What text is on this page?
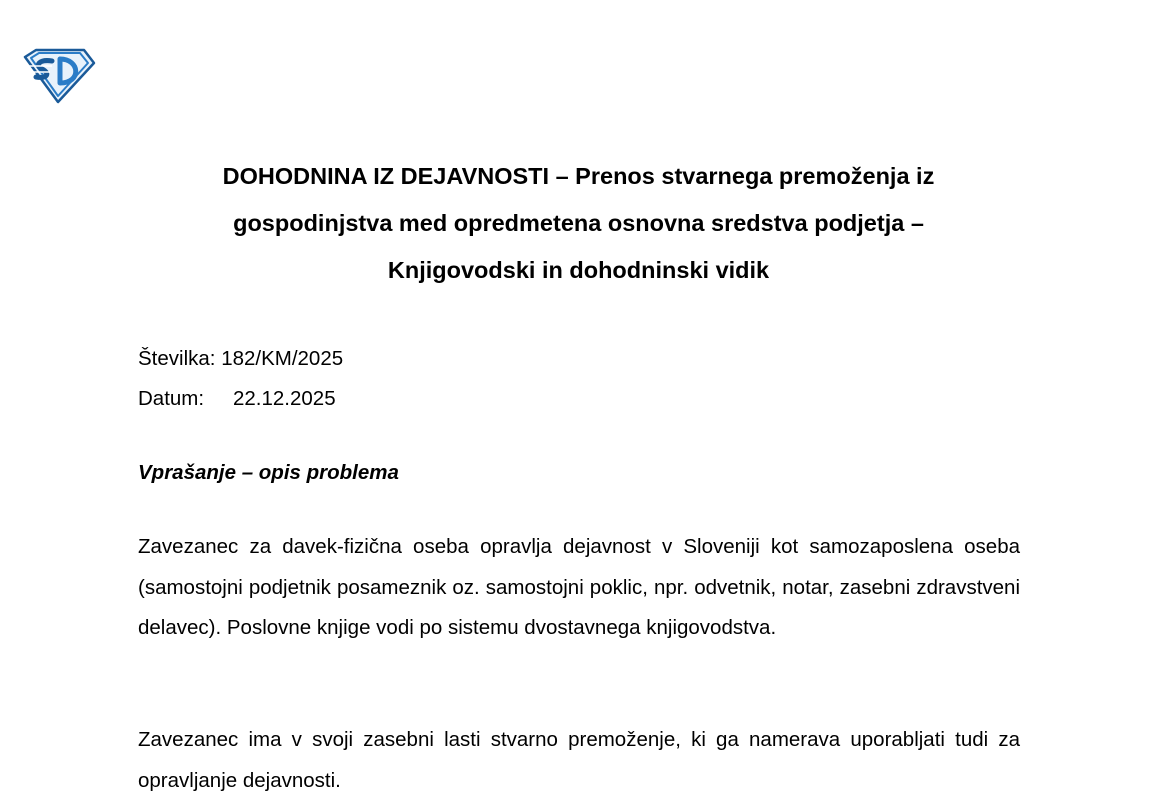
DOHODNINA IZ DEJAVNOSTI – Prenos stvarnega premoženja iz
gospodinjstva med opredmetena osnovna sredstva podjetja –
Knjigovodski in dohodninski vidik
Številka: 182/KM/2025
Datum: 22.12.2025
Vprašanje – opis problema

Zavezanec za davek-fizična oseba opravlja dejavnost v Sloveniji kot samozaposlena oseba (samostojni podjetnik posameznik oz. samostojni poklic, npr. odvetnik, notar, zasebni zdravstveni delavec). Poslovne knjige vodi po sistemu dvostavnega knjigovodstva.

Zavezanec ima v svoji zasebni lasti stvarno premoženje, ki ga namerava uporabljati tudi za opravljanje dejavnosti.
